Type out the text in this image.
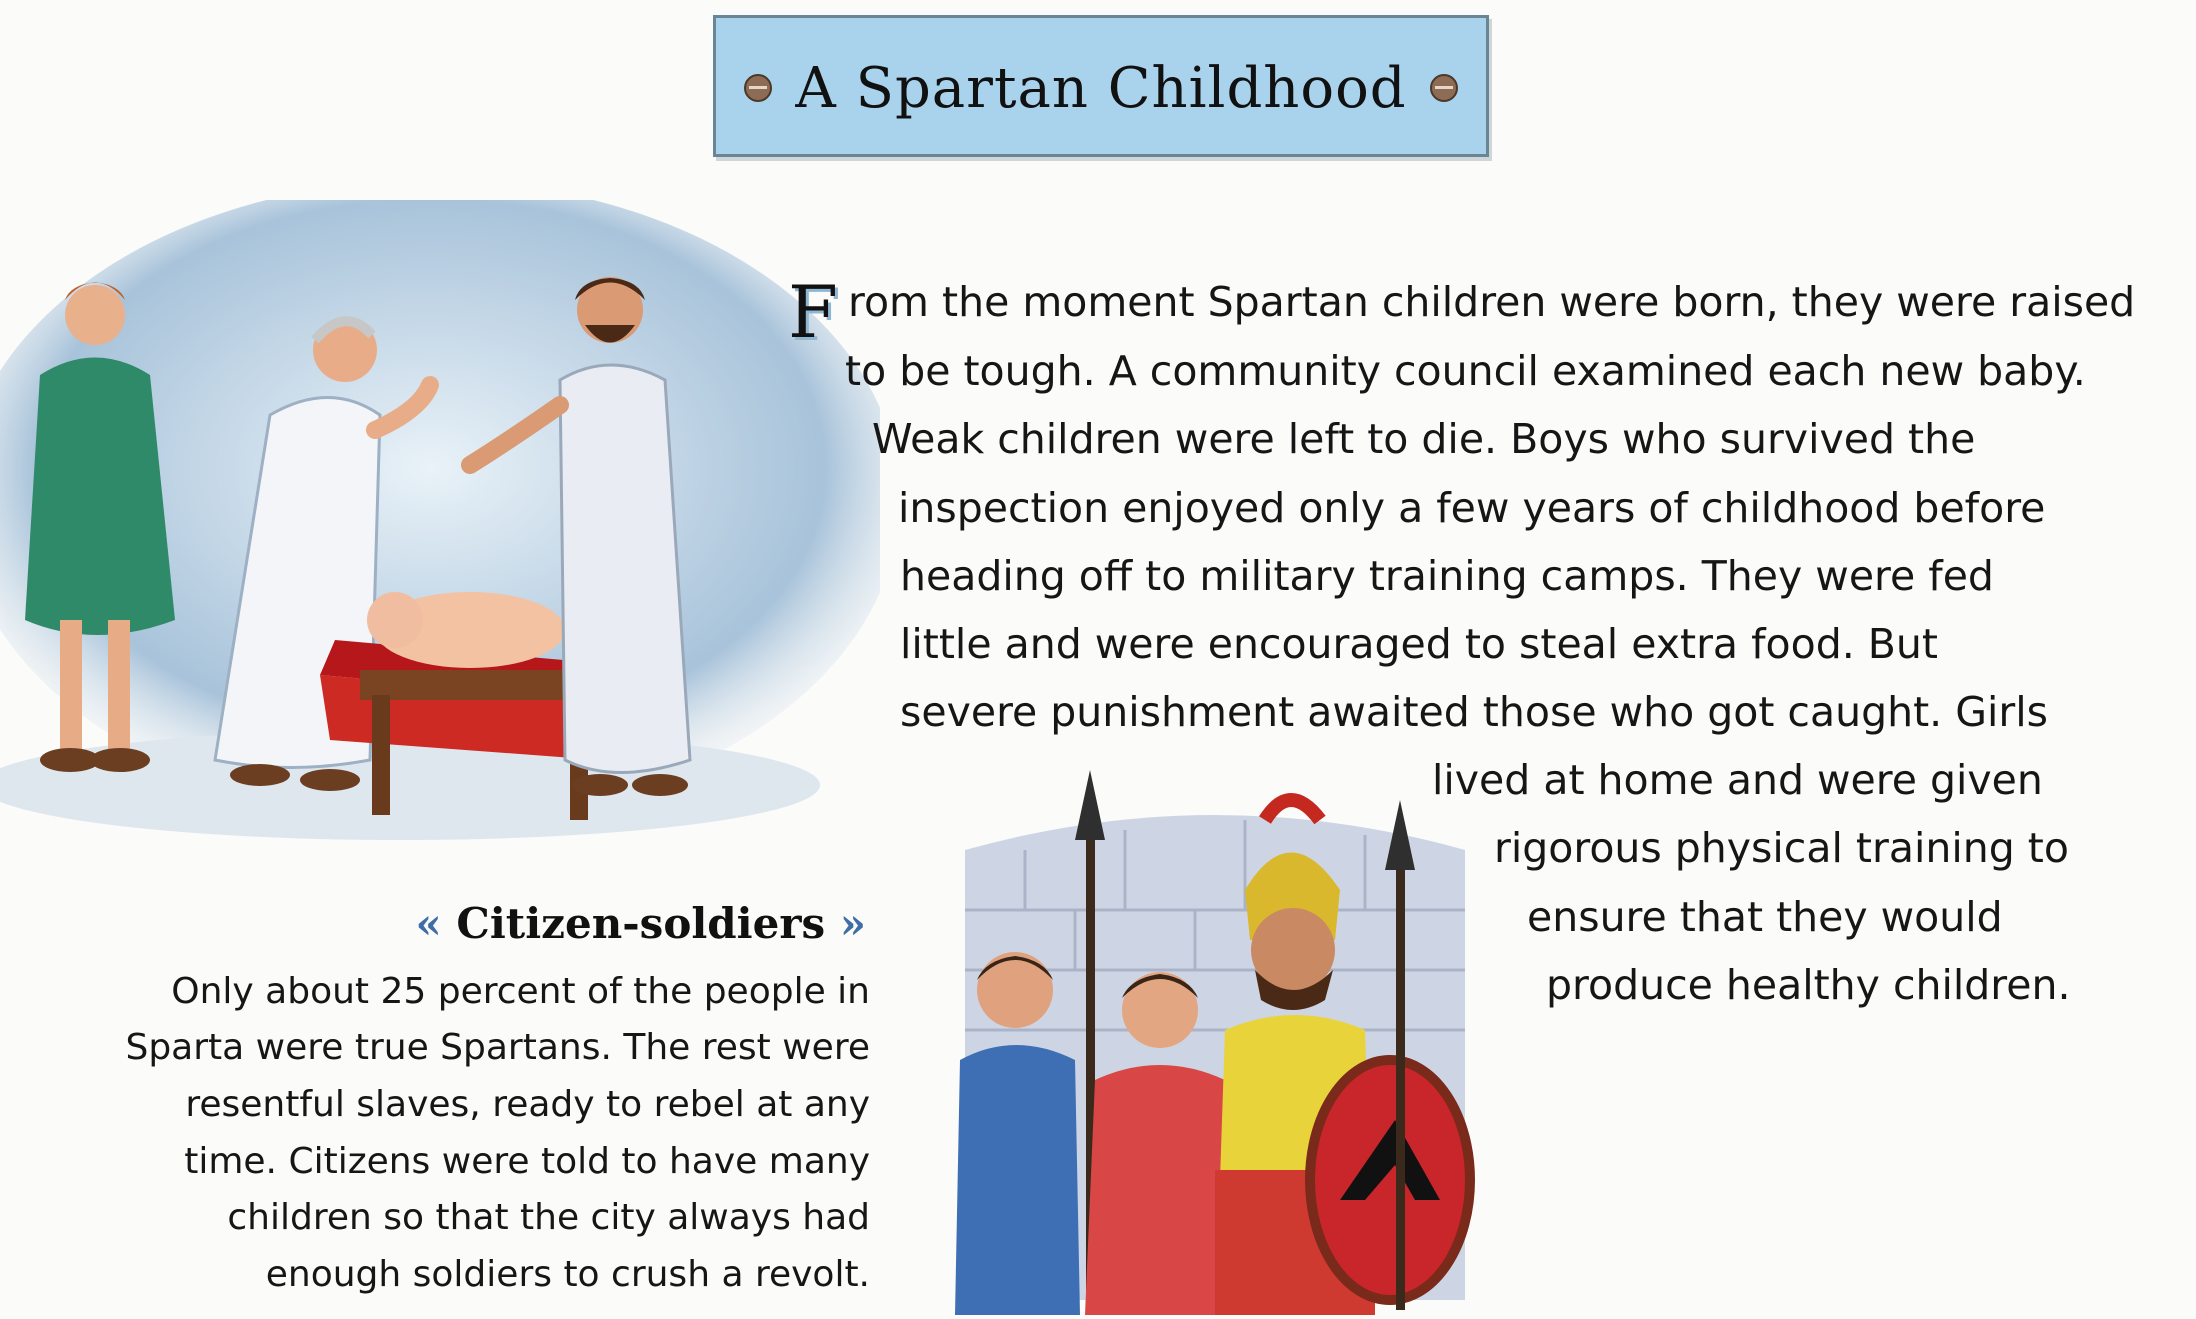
A Spartan Childhood
F rom the moment Spartan children were born, they were raised
to be tough. A community council examined each new baby.
Weak children were left to die. Boys who survived the
inspection enjoyed only a few years of childhood before
heading off to military training camps. They were fed
little and were encouraged to steal extra food. But
severe punishment awaited those who got caught. Girls
lived at home and were given
rigorous physical training to
ensure that they would
produce healthy children.
« Citizen-soldiers »
Only about 25 percent of the people in
Sparta were true Spartans. The rest were
resentful slaves, ready to rebel at any
time. Citizens were told to have many
children so that the city always had
enough soldiers to crush a revolt.
